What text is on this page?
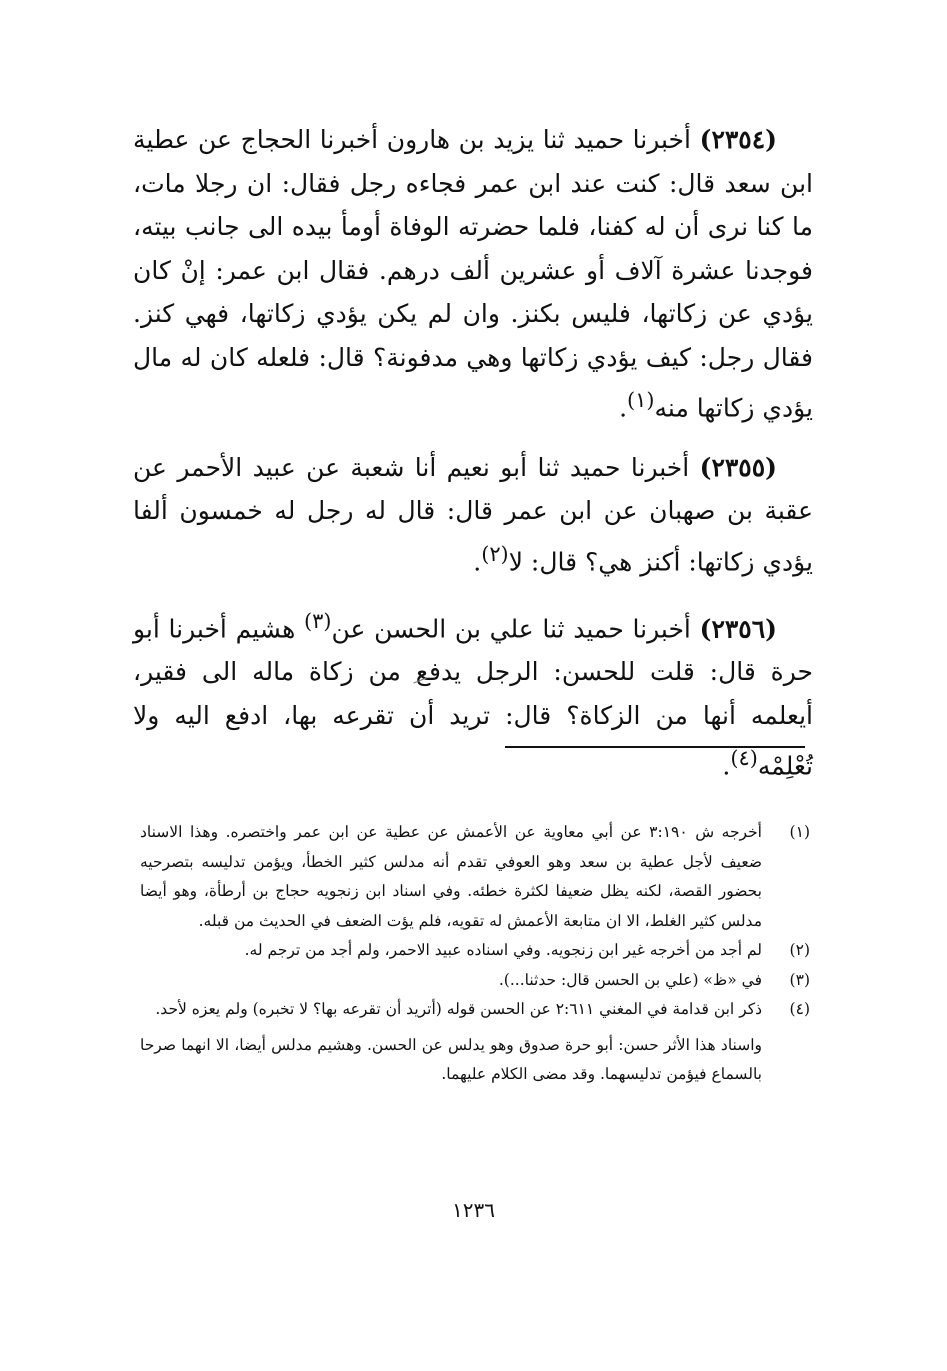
(٢٣٥٤) أخبرنا حميد ثنا يزيد بن هارون أخبرنا الحجاج عن عطية ابن سعد قال: كنت عند ابن عمر فجاءه رجل فقال: ان رجلا مات، ما كنا نرى أن له كفنا، فلما حضرته الوفاة أومأ بيده الى جانب بيته، فوجدنا عشرة آلاف أو عشرين ألف درهم. فقال ابن عمر: إنْ كان يؤدي عن زكاتها، فليس بكنز. وان لم يكن يؤدي زكاتها، فهي كنز. فقال رجل: كيف يؤدي زكاتها وهي مدفونة؟ قال: فلعله كان له مال يؤدي زكاتها منه$^{(١)}$.

(٢٣٥٥) أخبرنا حميد ثنا أبو نعيم أنا شعبة عن عبيد الأحمر عن عقبة بن صهبان عن ابن عمر قال: قال له رجل له خمسون ألفا يؤدي زكاتها: أكنز هي؟ قال: لا$^{(٢)}$.

(٢٣٥٦) أخبرنا حميد ثنا علي بن الحسن عن$^{(٣)}$ هشيم أخبرنا أبو حرة قال: قلت للحسن: الرجل يدفع من زكاة ماله الى فقير، أيعلمه أنها من الزكاة؟ قال: تريد أن تقرعه بها، ادفع اليه ولا تُعْلِمْه$^{(٤)}$.

(١)
أخرجه ش ٣:١٩٠ عن أبي معاوية عن الأعمش عن عطية عن ابن عمر واختصره. وهذا الاسناد ضعيف لأجل عطية بن سعد وهو العوفي تقدم أنه مدلس كثير الخطأ، ويؤمن تدليسه بتصرحيه بحضور القصة، لكنه يظل ضعيفا لكثرة خطئه. وفي اسناد ابن زنجويه حجاج بن أرطأة، وهو أيضا مدلس كثير الغلط، الا ان متابعة الأعمش له تقويه، فلم يؤت الضعف في الحديث من قبله.
(٢)
لم أجد من أخرجه غير ابن زنجويه. وفي اسناده عبيد الاحمر، ولم أجد من ترجم له.
(٣)
في «ظ» (علي بن الحسن قال: حدثنا...).
(٤)
ذكر ابن قدامة في المغني ٢:٦١١ عن الحسن قوله (أتريد أن تقرعه بها؟ لا تخبره) ولم يعزه لأحد.
واسناد هذا الأثر حسن: أبو حرة صدوق وهو يدلس عن الحسن. وهشيم مدلس أيضا، الا انهما صرحا بالسماع فيؤمن تدليسهما. وقد مضى الكلام عليهما.
١٢٣٦
